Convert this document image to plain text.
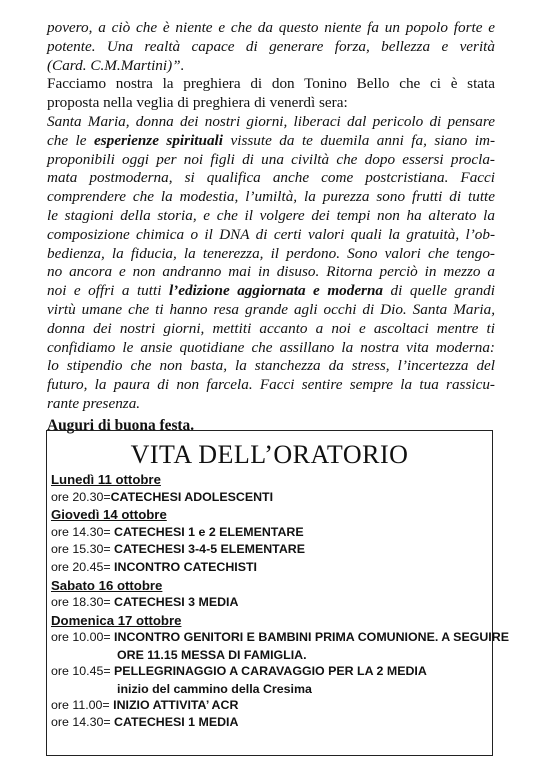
povero, a ciò che è niente e che da questo niente fa un popolo forte e
potente. Una realtà capace di generare forza, bellezza e verità
(Card. C.M.Martini)”.

Facciamo nostra la preghiera di don Tonino Bello che ci è stata
proposta nella veglia di preghiera di venerdì sera:

Santa Maria, donna dei nostri giorni, liberaci dal pericolo di pensare
che le esperienze spirituali vissute da te duemila anni fa, siano im-
proponibili oggi per noi figli di una civiltà che dopo essersi procla-
mata postmoderna, si qualifica anche come postcristiana. Facci
comprendere che la modestia, l’umiltà, la purezza sono frutti di tutte
le stagioni della storia, e che il volgere dei tempi non ha alterato la
composizione chimica o il DNA di certi valori quali la gratuità, l’ob-
bedienza, la fiducia, la tenerezza, il perdono. Sono valori che tengo-
no ancora e non andranno mai in disuso. Ritorna perciò in mezzo a
noi e offri a tutti l’edizione aggiornata e moderna di quelle grandi
virtù umane che ti hanno resa grande agli occhi di Dio. Santa Maria,
donna dei nostri giorni, mettiti accanto a noi e ascoltaci mentre ti
confidiamo le ansie quotidiane che assillano la nostra vita moderna:
lo stipendio che non basta, la stanchezza da stress, l’incertezza del
futuro, la paura di non farcela. Facci sentire sempre la tua rassicu-
rante presenza.

Auguri di buona festa.
VITA DELL’ORATORIO
Lunedì 11 ottobre
ore 20.30=CATECHESI ADOLESCENTI
Giovedì 14 ottobre
ore 14.30= CATECHESI 1 e 2 ELEMENTARE
ore 15.30= CATECHESI 3-4-5 ELEMENTARE
ore 20.45= INCONTRO CATECHISTI
Sabato 16 ottobre
ore 18.30= CATECHESI 3 MEDIA
Domenica 17 ottobre
ore 10.00= INCONTRO GENITORI E BAMBINI PRIMA COMUNIONE. A SEGUIRE
ORE 11.15 MESSA DI FAMIGLIA.
ore 10.45= PELLEGRINAGGIO A CARAVAGGIO PER LA 2 MEDIA
inizio del cammino della Cresima
ore 11.00= INIZIO ATTIVITA’ ACR
ore 14.30= CATECHESI 1 MEDIA
